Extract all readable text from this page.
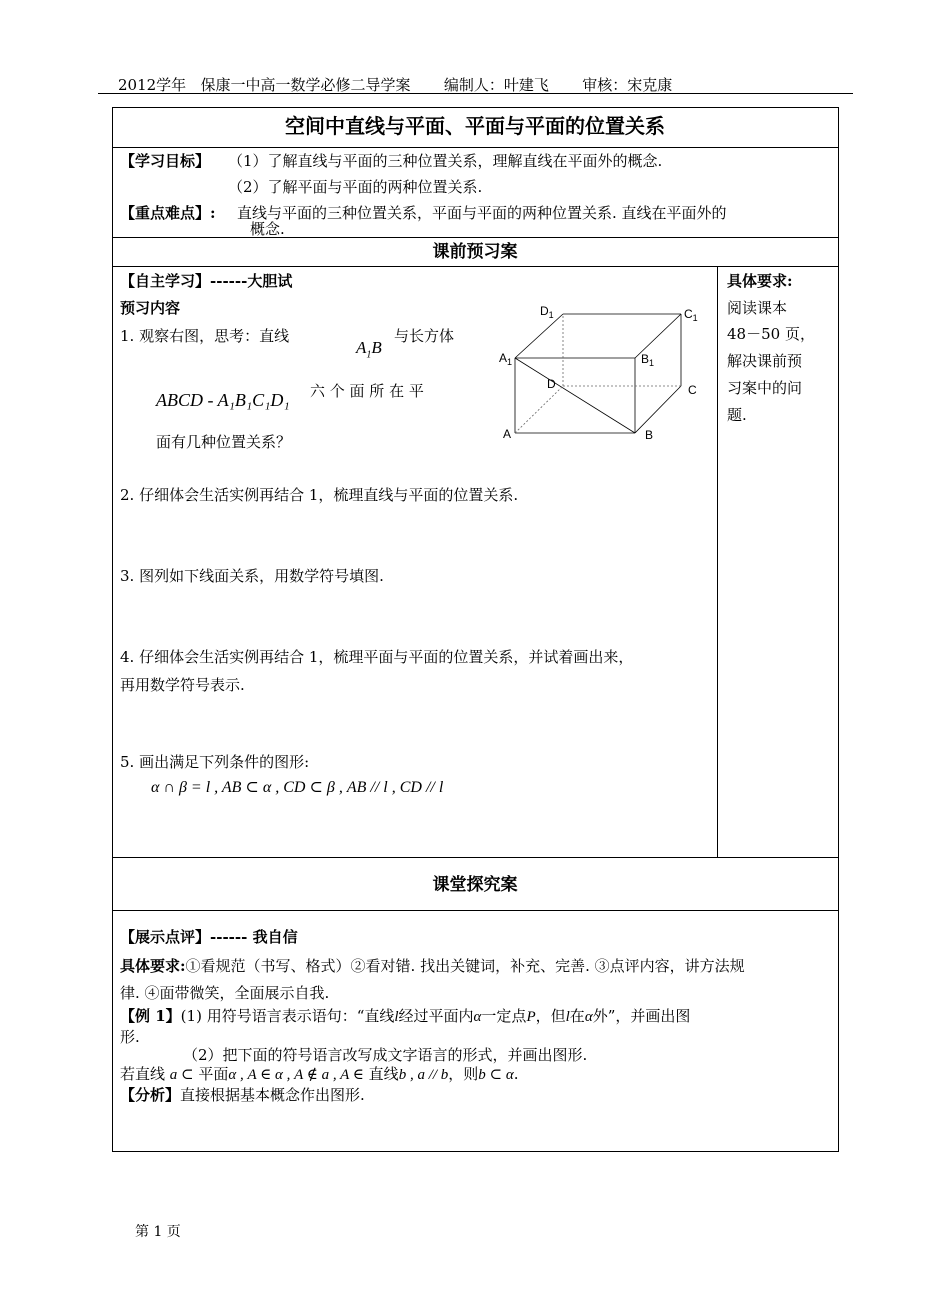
2012学年   保康一中高一数学必修二导学案       编制人：叶建飞       审核：宋克康
空间中直线与平面、平面与平面的位置关系
【学习目标】 （1）了解直线与平面的三种位置关系，理解直线在平面外的概念.
（2）了解平面与平面的两种位置关系.
【重点难点】: 直线与平面的三种位置关系，平面与平面的两种位置关系. 直线在平面外的
概念.
课前预习案
【自主学习】------大胆试
预习内容
1. 观察右图，思考：直线
$A_1B$
与长方体
ABCD - A₁B₁C₁D₁ 六 个 面 所 在 平
面有几种位置关系？
$D_1$	$C_1$
$A_1$	$B_1$
D	C
A	B
2. 仔细体会生活实例再结合 1，梳理直线与平面的位置关系.
3. 图列如下线面关系，用数学符号填图.
4. 仔细体会生活实例再结合 1，梳理平面与平面的位置关系，并试着画出来，
再用数学符号表示.
5. 画出满足下列条件的图形:
α ∩ β = l , AB ⊂ α , CD ⊂ β , AB // l , CD // l
具体要求:
阅读课本
48－50 页，
解决课前预
习案中的问
题.
课堂探究案
【展示点评】------ 我自信
具体要求:①看规范（书写、格式）②看对错. 找出关键词，补充、完善. ③点评内容，讲方法规
律. ④面带微笑，全面展示自我.
【例 1】(1) 用符号语言表示语句：“直线l经过平面内α一定点P，但l在α外”，并画出图
形.
（2）把下面的符号语言改写成文字语言的形式，并画出图形.
若直线 a ⊂ 平面α , A ∈ α , A ∉ a , A ∈ 直线b , a // b，则b ⊂ α.
【分析】直接根据基本概念作出图形.
第 1 页
